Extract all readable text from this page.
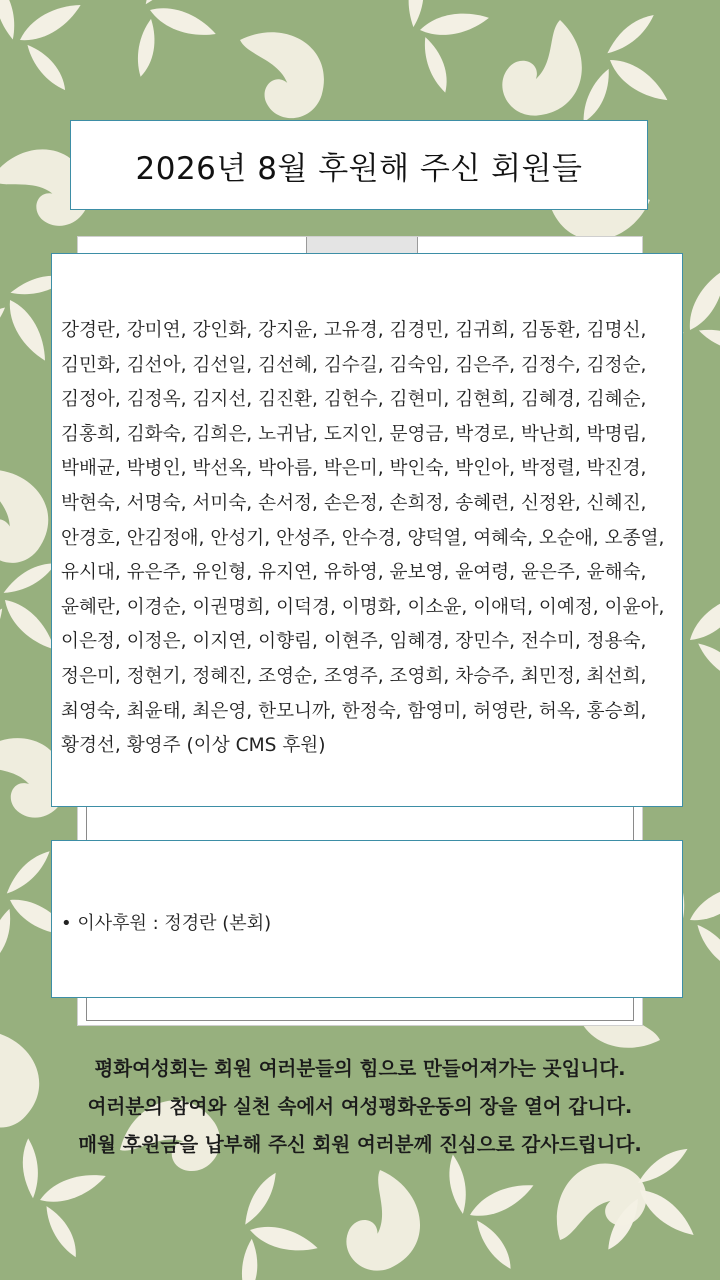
2026년 8월 후원해 주신 회원들
강경란, 강미연, 강인화, 강지윤, 고유경, 김경민, 김귀희, 김동환, 김명신, 김민화, 김선아, 김선일, 김선혜, 김수길, 김숙임, 김은주, 김정수, 김정순, 김정아, 김정옥, 김지선, 김진환, 김헌수, 김현미, 김현희, 김혜경, 김혜순, 김홍희, 김화숙, 김희은, 노귀남, 도지인, 문영금, 박경로, 박난희, 박명림, 박배균, 박병인, 박선옥, 박아름, 박은미, 박인숙, 박인아, 박정렬, 박진경, 박현숙, 서명숙, 서미숙, 손서정, 손은정, 손희정, 송혜련, 신정완, 신혜진, 안경호, 안김정애, 안성기, 안성주, 안수경, 양덕열, 여혜숙, 오순애, 오종열, 유시대, 유은주, 유인형, 유지연, 유하영, 윤보영, 윤여령, 윤은주, 윤해숙, 윤혜란, 이경순, 이권명희, 이덕경, 이명화, 이소윤, 이애덕, 이예정, 이윤아, 이은정, 이정은, 이지연, 이향림, 이현주, 임혜경, 장민수, 전수미, 정용숙, 정은미, 정현기, 정혜진, 조영순, 조영주, 조영희, 차승주, 최민정, 최선희, 최영숙, 최윤태, 최은영, 한모니까, 한정숙, 함영미, 허영란, 허옥, 홍승희, 황경선, 황영주 (이상 CMS 후원)
• 이사후원 : 정경란 (본회)
평화여성회는 회원 여러분들의 힘으로 만들어져가는 곳입니다.
여러분의 참여와 실천 속에서 여성평화운동의 장을 열어 갑니다.
매월 후원금을 납부해 주신 회원 여러분께 진심으로 감사드립니다.
